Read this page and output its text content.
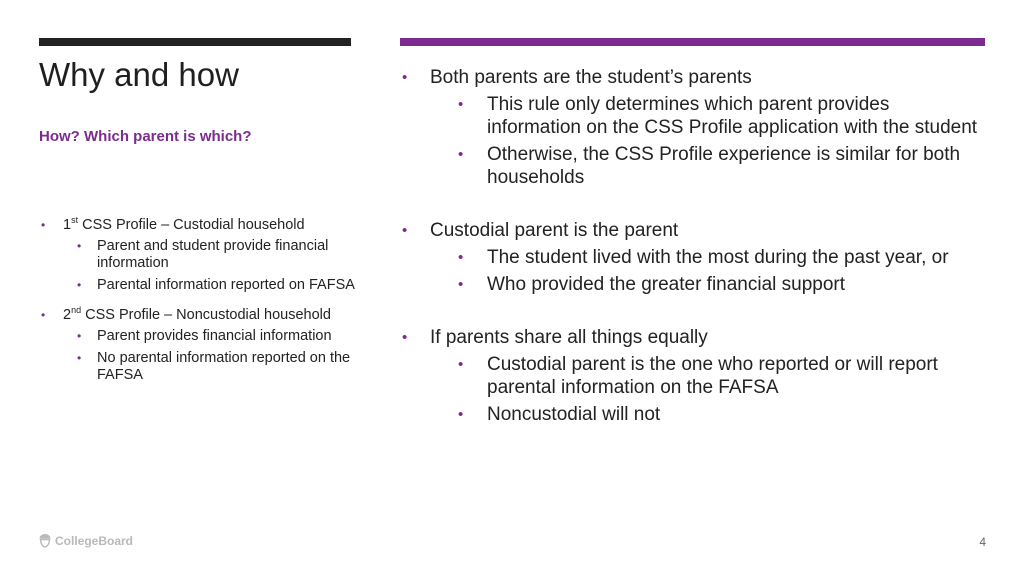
Why and how
How? Which parent is which?
• 1st CSS Profile – Custodial household
• Parent and student provide financial information
• Parental information reported on FAFSA
• 2nd CSS Profile – Noncustodial household
• Parent provides financial information
• No parental information reported on the FAFSA
• Both parents are the student’s parents
• This rule only determines which parent provides information on the CSS Profile application with the student
• Otherwise, the CSS Profile experience is similar for both households
• Custodial parent is the parent
• The student lived with the most during the past year, or
• Who provided the greater financial support
• If parents share all things equally
• Custodial parent is the one who reported or will report parental information on the FAFSA
• Noncustodial will not
CollegeBoard	4
